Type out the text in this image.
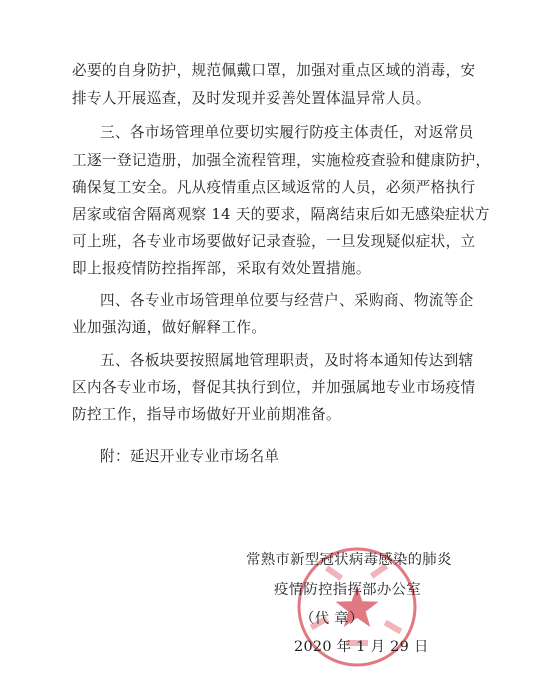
必要的自身防护，规范佩戴口罩，加强对重点区域的消毒，安
排专人开展巡查，及时发现并妥善处置体温异常人员。
三、各市场管理单位要切实履行防疫主体责任，对返常员
工逐一登记造册，加强全流程管理，实施检疫查验和健康防护，
确保复工安全。凡从疫情重点区域返常的人员，必须严格执行
居家或宿舍隔离观察 14 天的要求，隔离结束后如无感染症状方
可上班，各专业市场要做好记录查验，一旦发现疑似症状，立
即上报疫情防控指挥部，采取有效处置措施。
四、各专业市场管理单位要与经营户、采购商、物流等企
业加强沟通，做好解释工作。
五、各板块要按照属地管理职责，及时将本通知传达到辖
区内各专业市场，督促其执行到位，并加强属地专业市场疫情
防控工作，指导市场做好开业前期准备。
附：延迟开业专业市场名单
常熟市新型冠状病毒感染的肺炎
疫情防控指挥部办公室
（代 章）
2020 年 1 月 29 日
